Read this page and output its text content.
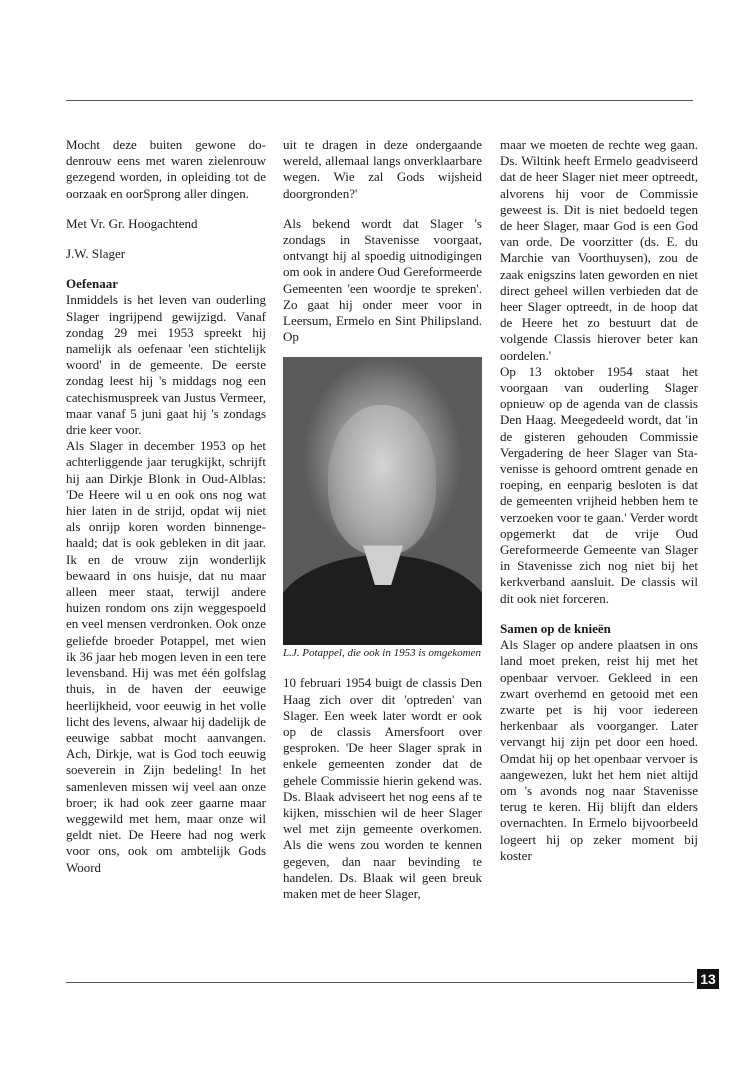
Mocht deze buiten gewone dodenrouw eens met waren zielenrouw gezegend worden, in opleiding tot de oorzaak en oorSprong aller dingen.

Met Vr. Gr. Hoogachtend

J.W. Slager

Oefenaar

Inmiddels is het leven van ouderling Slager ingrijpend gewijzigd. Vanaf zondag 29 mei 1953 spreekt hij namelijk als oefenaar 'een stichtelijk woord' in de gemeente. De eerste zondag leest hij 's middags nog een catechismuspreek van Justus Vermeer, maar vanaf 5 juni gaat hij 's zondags drie keer voor.

Als Slager in december 1953 op het achterliggende jaar terugkijkt, schrijft hij aan Dirkje Blonk in Oud-Alblas: 'De Heere wil u en ook ons nog wat hier laten in de strijd, opdat wij niet als onrijp koren worden binnengehaald; dat is ook gebleken in dit jaar. Ik en de vrouw zijn wonderlijk bewaard in ons huisje, dat nu maar alleen meer staat, terwijl andere huizen rondom ons zijn weggespoeld en veel mensen verdronken. Ook onze geliefde broeder Potappel, met wien ik 36 jaar heb mogen leven in een tere levensband. Hij was met één golfslag thuis, in de haven der eeuwige heerlijkheid, voor eeuwig in het volle licht des levens, alwaar hij dadelijk de eeuwige sabbat mocht aanvangen. Ach, Dirkje, wat is God toch eeuwig soeverein in Zijn bedeling! In het samenleven missen wij veel aan onze broer; ik had ook zeer gaarne maar weggewild met hem, maar onze wil geldt niet. De Heere had nog werk voor ons, ook om ambtelijk Gods Woord

uit te dragen in deze ondergaande wereld, allemaal langs onverklaarbare wegen. Wie zal Gods wijsheid doorgronden?'

Als bekend wordt dat Slager 's zondags in Stavenisse voorgaat, ontvangt hij al spoedig uitnodigingen om ook in andere Oud Gereformeerde Gemeenten 'een woordje te spreken'. Zo gaat hij onder meer voor in Leersum, Ermelo en Sint Philipsland. Op

L.J. Potappel, die ook in 1953 is omgekomen

10 februari 1954 buigt de classis Den Haag zich over dit 'optreden' van Slager. Een week later wordt er ook op de classis Amersfoort over gesproken. 'De heer Slager sprak in enkele gemeenten zonder dat de gehele Commissie hierin gekend was. Ds. Blaak adviseert het nog eens af te kijken, misschien wil de heer Slager wel met zijn gemeente overkomen. Als die wens zou worden te kennen gegeven, dan naar bevinding te handelen. Ds. Blaak wil geen breuk maken met de heer Slager,

maar we moeten de rechte weg gaan. Ds. Wiltink heeft Ermelo geadviseerd dat de heer Slager niet meer optreedt, alvorens hij voor de Commissie geweest is. Dit is niet bedoeld tegen de heer Slager, maar God is een God van orde. De voorzitter (ds. E. du Marchie van Voorthuysen), zou de zaak enigszins laten geworden en niet direct geheel willen verbieden dat de heer Slager optreedt, in de hoop dat de Heere het zo bestuurt dat de volgende Classis hierover beter kan oordelen.'

Op 13 oktober 1954 staat het voorgaan van ouderling Slager opnieuw op de agenda van de classis Den Haag. Meegedeeld wordt, dat 'in de gisteren gehouden Commissie Vergadering de heer Slager van Stavenisse is gehoord omtrent genade en roeping, en eenparig besloten is dat de gemeenten vrijheid hebben hem te verzoeken voor te gaan.' Verder wordt opgemerkt dat de vrije Oud Gereformeerde Gemeente van Slager in Stavenisse zich nog niet bij het kerkverband aansluit. De classis wil dit ook niet forceren.

Samen op de knieën

Als Slager op andere plaatsen in ons land moet preken, reist hij met het openbaar vervoer. Gekleed in een zwart overhemd en getooid met een zwarte pet is hij voor iedereen herkenbaar als voorganger. Later vervangt hij zijn pet door een hoed. Omdat hij op het openbaar vervoer is aangewezen, lukt het hem niet altijd om 's avonds nog naar Stavenisse terug te keren. Hij blijft dan elders overnachten. In Ermelo bijvoorbeeld logeert hij op zeker moment bij koster

13
